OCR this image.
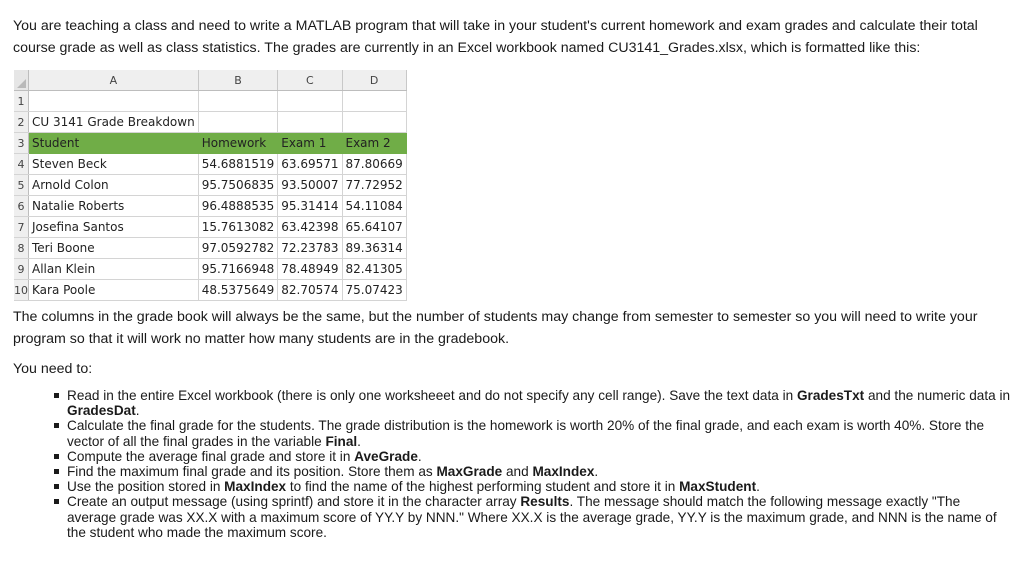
You are teaching a class and need to write a MATLAB program that will take in your student's current homework and exam grades and calculate their total course grade as well as class statistics. The grades are currently in an Excel workbook named CU3141_Grades.xlsx, which is formatted like this:

	A	B	C	D
1				
2	CU 3141 Grade Breakdown			
3	Student	Homework	Exam 1	Exam 2
4	Steven Beck	54.6881519	63.69571	87.80669
5	Arnold Colon	95.7506835	93.50007	77.72952
6	Natalie Roberts	96.4888535	95.31414	54.11084
7	Josefina Santos	15.7613082	63.42398	65.64107
8	Teri Boone	97.0592782	72.23783	89.36314
9	Allan Klein	95.7166948	78.48949	82.41305
10	Kara Poole	48.5375649	82.70574	75.07423

The columns in the grade book will always be the same, but the number of students may change from semester to semester so you will need to write your program so that it will work no matter how many students are in the gradebook.

You need to:

Read in the entire Excel workbook (there is only one worksheeet and do not specify any cell range). Save the text data in GradesTxt and the numeric data in GradesDat.
Calculate the final grade for the students. The grade distribution is the homework is worth 20% of the final grade, and each exam is worth 40%. Store the vector of all the final grades in the variable Final.
Compute the average final grade and store it in AveGrade.
Find the maximum final grade and its position. Store them as MaxGrade and MaxIndex.
Use the position stored in MaxIndex to find the name of the highest performing student and store it in MaxStudent.
Create an output message (using sprintf) and store it in the character array Results. The message should match the following message exactly "The average grade was XX.X with a maximum score of YY.Y by NNN." Where XX.X is the average grade, YY.Y is the maximum grade, and NNN is the name of the student who made the maximum score.
